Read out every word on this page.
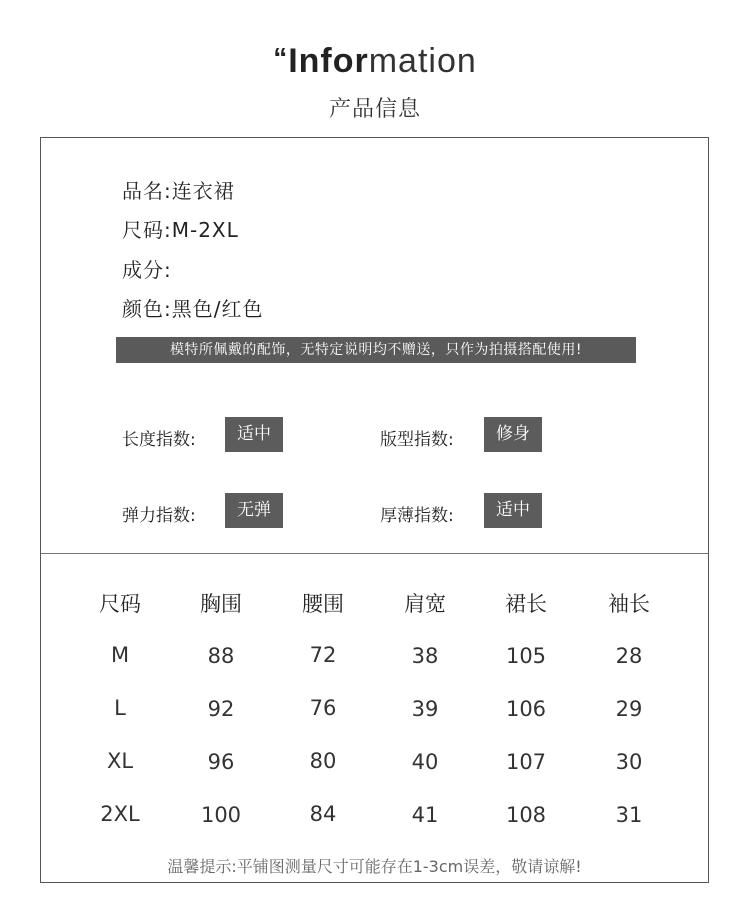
“Information
产品信息
品名:连衣裙
尺码:M-2XL
成分:
颜色:黑色/红色
模特所佩戴的配饰，无特定说明均不赠送，只作为拍摄搭配使用!
长度指数:	适中	版型指数:	修身
弹力指数:	无弹	厚薄指数:	适中
尺码	胸围	腰围	肩宽	裙长	袖长
M	88	72	38	105	28
L	92	76	39	106	29
XL	96	80	40	107	30
2XL	100	84	41	108	31
温馨提示:平铺图测量尺寸可能存在1-3cm误差，敬请谅解!
